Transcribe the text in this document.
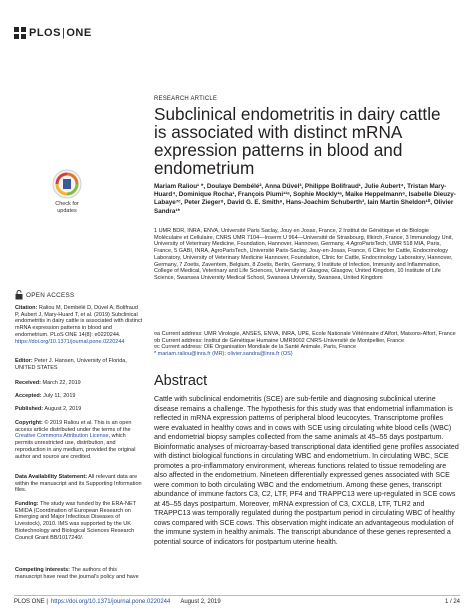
PLOS|ONE
Check for
updates
OPEN ACCESS
Citation: Raliou M, Dembélé D, Düvel A, Bolifraud P, Aubert J, Mary-Huard T, et al. (2019) Subclinical endometritis in dairy cattle is associated with distinct mRNA expression patterns in blood and endometrium. PLoS ONE 14(8): e0220244. https://doi.org/10.1371/journal.pone.0220244
Editor: Peter J. Hansen, University of Florida, UNITED STATES
Received: March 22, 2019
Accepted: July 11, 2019
Published: August 2, 2019
Copyright: © 2019 Raliou et al. This is an open access article distributed under the terms of the Creative Commons Attribution License, which permits unrestricted use, distribution, and reproduction in any medium, provided the original author and source are credited.
Data Availability Statement: All relevant data are within the manuscript and its Supporting Information files.
Funding: The study was funded by the ERA-NET EMIDA (Coordination of European Research on Emerging and Major Infectious Diseases of Livestock), 2010. IMS was supported by the UK Biotechnology and Biological Sciences Research Council Grant BB/1017240/.
Competing interests: The authors of this manuscript have read the journal's policy and have
RESEARCH ARTICLE
Subclinical endometritis in dairy cattle is associated with distinct mRNA expression patterns in blood and endometrium
Mariam Raliou⁠¹ ⁠*, Doulaye Dembélé⁠², Anna Düvel³, Philippe Bolifraud¹, Julie Aubert⁴, Tristan Mary-Huard⁴, Dominique Rocha¹, François Piumi¹¹ᵃ, Sophie Mockly¹ᵃ, Maike Heppelmann⁶, Isabelle Dieuzy-Labaye⁷ᶜ, Peter Zieger⁸, David G. E. Smith⁹, Hans-Joachim Schuberth³, Iain Martin Sheldon¹⁰, Olivier Sandra¹*
1 UMR BDR, INRA, ENVA, Université Paris Saclay, Jouy en Josas, France, 2 Institut de Génétique et de Biologie Moléculaire et Cellulaire, CNRS UMR 7104—Inserm U 964—Université de Strasbourg, Illkirch, France, 3 Immunology Unit, University of Veterinary Medicine, Foundation, Hannover, Hannover, Germany, 4 AgroParisTech, UMR 518 MIA, Paris, France, 5 GABI, INRA, AgroParisTech, Université Paris-Saclay, Jouy-en-Josas, France, 6 Clinic for Cattle, Endocrinology Laboratory, University of Veterinary Medicine Hannover, Foundation, Clinic for Cattle, Endocrinology Laboratory, Hannover, Germany, 7 Zoetis, Zaventem, Belgium, 8 Zoetis, Berlin, Germany, 9 Institute of Infection, Immunity and Inflammation, College of Medical, Veterinary and Life Sciences, University of Glasgow, Glasgow, United Kingdom, 10 Institute of Life Science, Swansea University Medical School, Swansea University, Swansea, United Kingdom
¤a Current address: UMR Virologie, ANSES, ENVA, INRA, UPE, Ecole Nationale Vétérinaire d'Alfort, Maisons-Alfort, France
¤b Current address: Institut de Génétique Humaine UMR9002 CNRS-Université de Montpellier, France
¤c Current address: OIE Organisation Mondiale de la Santé Animale, Paris, France
* mariam.raliou@inra.fr (MR); olivier.sandra@inra.fr (OS)
Abstract
Cattle with subclinical endometritis (SCE) are sub-fertile and diagnosing subclinical uterine disease remains a challenge. The hypothesis for this study was that endometrial inflammation is reflected in mRNA expression patterns of peripheral blood leucocytes. Transcriptome profiles were evaluated in healthy cows and in cows with SCE using circulating white blood cells (WBC) and endometrial biopsy samples collected from the same animals at 45–55 days postpartum. Bioinformatic analyses of microarray-based transcriptional data identified gene profiles associated with distinct biological functions in circulating WBC and endometrium. In circulating WBC, SCE promotes a pro-inflammatory environment, whereas functions related to tissue remodeling are also affected in the endometrium. Nineteen differentially expressed genes associated with SCE were common to both circulating WBC and the endometrium. Among these genes, transcript abundance of immune factors C3, C2, LTF, PF4 and TRAPPC13 were up-regulated in SCE cows at 45–55 days postpartum. Moreover, mRNA expression of C3, CXCL8, LTF, TLR2 and TRAPPC13 was temporally regulated during the postpartum period in circulating WBC of healthy cows compared with SCE cows. This observation might indicate an advantageous modulation of the immune system in healthy animals. The transcript abundance of these genes represented a potential source of indicators for postpartum uterine health.
PLOS ONE | https://doi.org/10.1371/journal.pone.0220244 August 2, 2019	1 / 24
